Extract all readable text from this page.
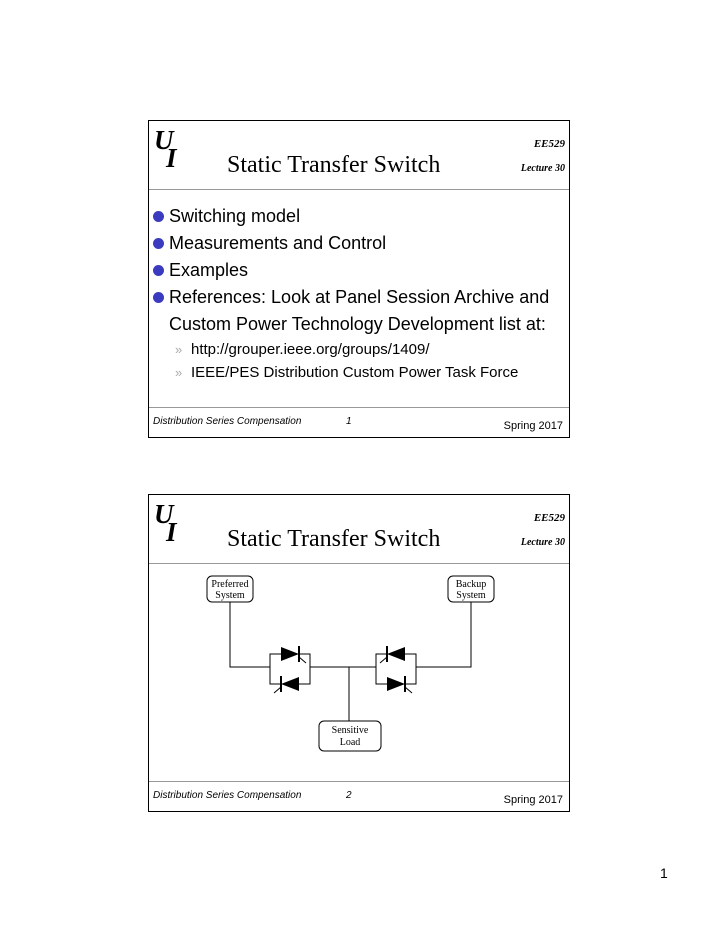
U
I	EE529
Lecture 30
Static Transfer Switch
Switching model
Measurements and Control
Examples
References: Look at Panel Session Archive and Custom Power Technology Development list at:
» http://grouper.ieee.org/groups/1409/
» IEEE/PES Distribution Custom Power Task Force
Distribution Series Compensation	1	Spring 2017
U
I	EE529
Lecture 30
Static Transfer Switch
Preferred
System
Backup
System
Sensitive
Load
Distribution Series Compensation	2	Spring 2017
1
